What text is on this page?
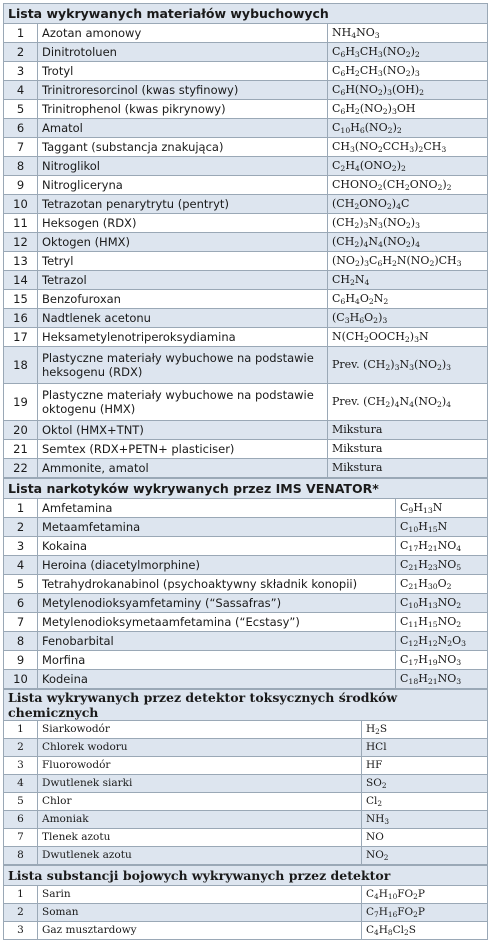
Lista wykrywanych materiałów wybuchowych		
1	Azotan amonowy	$NH_4NO_3$
2	Dinitrotoluen	$C_6H_3CH_3(NO_2)_2$
3	Trotyl	$C_6H_2CH_3(NO_2)_3$
4	Trinitroresorcinol (kwas styfinowy)	$C_6H(NO_2)_3(OH)_2$
5	Trinitrophenol (kwas pikrynowy)	$C_6H_2(NO_2)_3OH$
6	Amatol	$C_{10}H_6(NO_2)_2$
7	Taggant (substancja znakująca)	$CH_3(NO_2CCH_3)_2CH_3$
8	Nitroglikol	$C_2H_4(ONO_2)_2$
9	Nitrogliceryna	$CHONO_2(CH_2ONO_2)_2$
10	Tetrazotan penarytrytu (pentryt)	$(CH_2ONO_2)_4C$
11	Heksogen (RDX)	$(CH_2)_3N_3(NO_2)_3$
12	Oktogen (HMX)	$(CH_2)_4N_4(NO_2)_4$
13	Tetryl	$(NO_2)_3C_6H_2N(NO_2)CH_3$
14	Tetrazol	$CH_2N_4$
15	Benzofuroxan	$C_6H_4O_2N_2$
16	Nadtlenek acetonu	$(C_3H_6O_2)_3$
17	Heksametylenotriperoksydiamina	$N(CH_2OOCH_2)_3N$
18	Plastyczne materiały wybuchowe na podstawie heksogenu (RDX)	Prev. $(CH_2)_3N_3(NO_2)_3$
19	Plastyczne materiały wybuchowe na podstawie oktogenu (HMX)	Prev. $(CH_2)_4N_4(NO_2)_4$
20	Oktol (HMX+TNT)	Mikstura
21	Semtex (RDX+PETN+ plasticiser)	Mikstura
22	Ammonite, amatol	Mikstura
Lista narkotyków wykrywanych przez IMS VENATOR*		
1	Amfetamina	$C_9H_{13}N$
2	Metaamfetamina	$C_{10}H_{15}N$
3	Kokaina	$C_{17}H_{21}NO_4$
4	Heroina (diacetylmorphine)	$C_{21}H_{23}NO_5$
5	Tetrahydrokanabinol (psychoaktywny składnik konopii)	$C_{21}H_{30}O_2$
6	Metylenodioksyamfetaminy (“Sassafras”)	$C_{10}H_{13}NO_2$
7	Metylenodioksymetaamfetamina (“Ecstasy”)	$C_{11}H_{15}NO_2$
8	Fenobarbital	$C_{12}H_{12}N_2O_3$
9	Morfina	$C_{17}H_{19}NO_3$
10	Kodeina	$C_{18}H_{21}NO_3$
Lista wykrywanych przez detektor toksycznych środków chemicznych		
1	Siarkowodór	$H_2S$
2	Chlorek wodoru	HCl
3	Fluorowodór	HF
4	Dwutlenek siarki	$SO_2$
5	Chlor	$Cl_2$
6	Amoniak	$NH_3$
7	Tlenek azotu	NO
8	Dwutlenek azotu	$NO_2$
Lista substancji bojowych wykrywanych przez detektor		
1	Sarin	$C_4H_{10}FO_2P$
2	Soman	$C_7H_{16}FO_2P$
3	Gaz musztardowy	$C_4H_8Cl_2S$
